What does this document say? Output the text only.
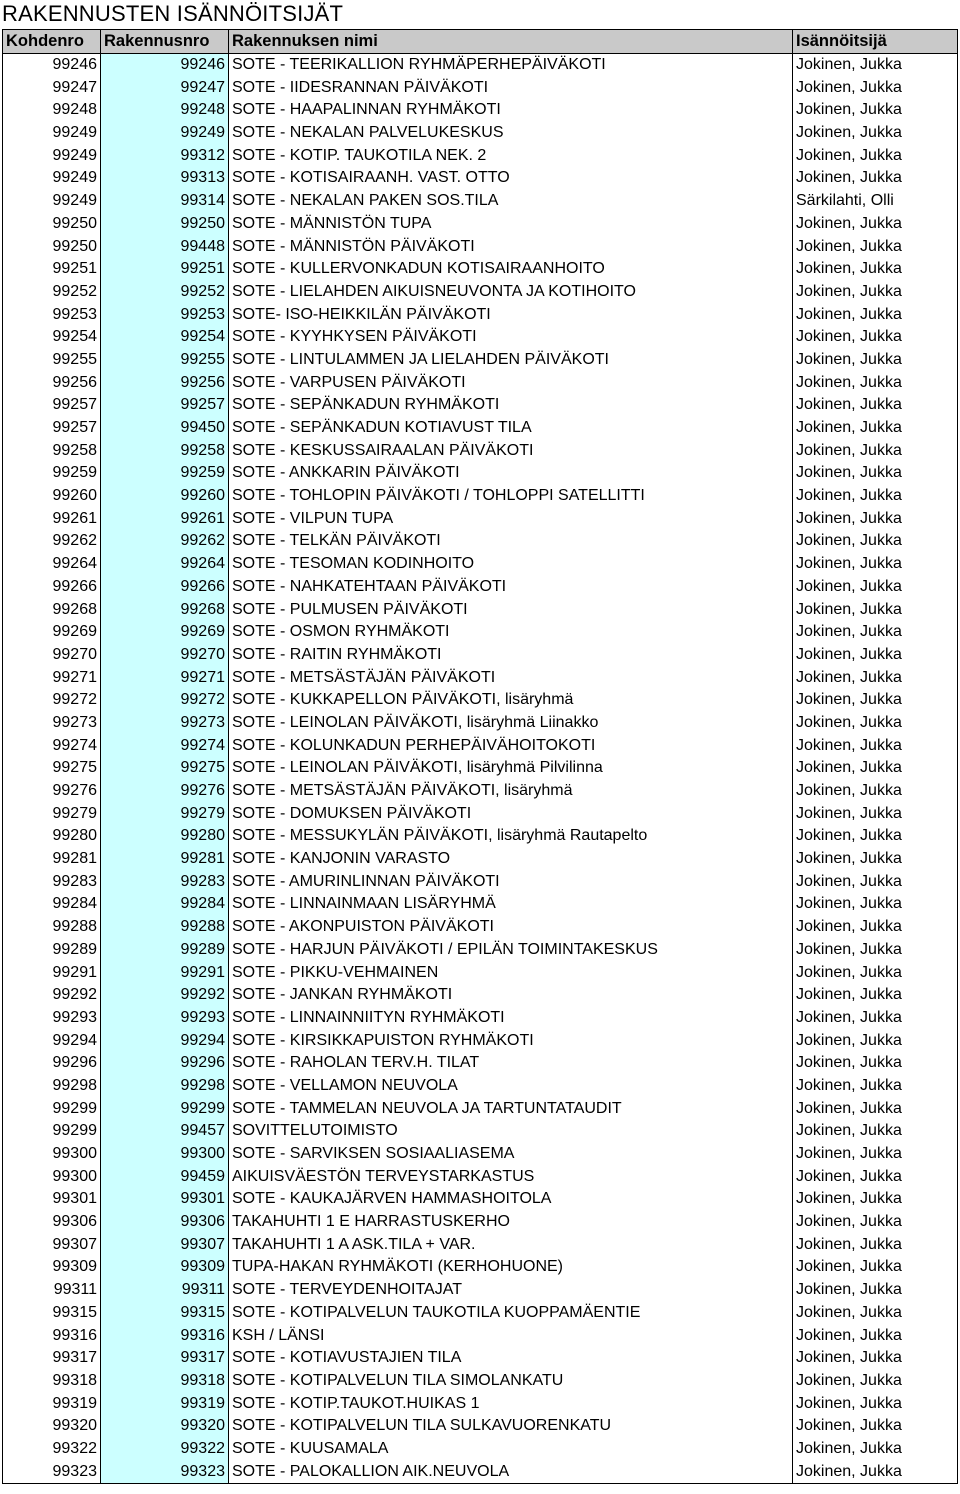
RAKENNUSTEN ISÄNNÖITSIJÄT
Kohdenro	Rakennusnro	Rakennuksen nimi	Isännöitsijä
99246	99246	SOTE - TEERIKALLION RYHMÄPERHEPÄIVÄKOTI	Jokinen, Jukka
99247	99247	SOTE - IIDESRANNAN PÄIVÄKOTI	Jokinen, Jukka
99248	99248	SOTE - HAAPALINNAN RYHMÄKOTI	Jokinen, Jukka
99249	99249	SOTE - NEKALAN PALVELUKESKUS	Jokinen, Jukka
99249	99312	SOTE - KOTIP. TAUKOTILA NEK. 2	Jokinen, Jukka
99249	99313	SOTE - KOTISAIRAANH. VAST. OTTO	Jokinen, Jukka
99249	99314	SOTE - NEKALAN PAKEN SOS.TILA	Särkilahti, Olli
99250	99250	SOTE - MÄNNISTÖN TUPA	Jokinen, Jukka
99250	99448	SOTE - MÄNNISTÖN PÄIVÄKOTI	Jokinen, Jukka
99251	99251	SOTE - KULLERVONKADUN KOTISAIRAANHOITO	Jokinen, Jukka
99252	99252	SOTE - LIELAHDEN AIKUISNEUVONTA JA KOTIHOITO	Jokinen, Jukka
99253	99253	SOTE- ISO-HEIKKILÄN PÄIVÄKOTI	Jokinen, Jukka
99254	99254	SOTE - KYYHKYSEN PÄIVÄKOTI	Jokinen, Jukka
99255	99255	SOTE - LINTULAMMEN JA LIELAHDEN PÄIVÄKOTI	Jokinen, Jukka
99256	99256	SOTE - VARPUSEN PÄIVÄKOTI	Jokinen, Jukka
99257	99257	SOTE - SEPÄNKADUN RYHMÄKOTI	Jokinen, Jukka
99257	99450	SOTE - SEPÄNKADUN KOTIAVUST TILA	Jokinen, Jukka
99258	99258	SOTE - KESKUSSAIRAALAN PÄIVÄKOTI	Jokinen, Jukka
99259	99259	SOTE - ANKKARIN PÄIVÄKOTI	Jokinen, Jukka
99260	99260	SOTE - TOHLOPIN PÄIVÄKOTI / TOHLOPPI SATELLITTI	Jokinen, Jukka
99261	99261	SOTE - VILPUN TUPA	Jokinen, Jukka
99262	99262	SOTE - TELKÄN PÄIVÄKOTI	Jokinen, Jukka
99264	99264	SOTE - TESOMAN KODINHOITO	Jokinen, Jukka
99266	99266	SOTE - NAHKATEHTAAN PÄIVÄKOTI	Jokinen, Jukka
99268	99268	SOTE - PULMUSEN PÄIVÄKOTI	Jokinen, Jukka
99269	99269	SOTE - OSMON RYHMÄKOTI	Jokinen, Jukka
99270	99270	SOTE - RAITIN RYHMÄKOTI	Jokinen, Jukka
99271	99271	SOTE - METSÄSTÄJÄN PÄIVÄKOTI	Jokinen, Jukka
99272	99272	SOTE - KUKKAPELLON PÄIVÄKOTI, lisäryhmä	Jokinen, Jukka
99273	99273	SOTE - LEINOLAN PÄIVÄKOTI, lisäryhmä Liinakko	Jokinen, Jukka
99274	99274	SOTE - KOLUNKADUN PERHEPÄIVÄHOITOKOTI	Jokinen, Jukka
99275	99275	SOTE - LEINOLAN PÄIVÄKOTI, lisäryhmä Pilvilinna	Jokinen, Jukka
99276	99276	SOTE - METSÄSTÄJÄN PÄIVÄKOTI, lisäryhmä	Jokinen, Jukka
99279	99279	SOTE - DOMUKSEN PÄIVÄKOTI	Jokinen, Jukka
99280	99280	SOTE - MESSUKYLÄN PÄIVÄKOTI, lisäryhmä Rautapelto	Jokinen, Jukka
99281	99281	SOTE - KANJONIN VARASTO	Jokinen, Jukka
99283	99283	SOTE - AMURINLINNAN PÄIVÄKOTI	Jokinen, Jukka
99284	99284	SOTE - LINNAINMAAN LISÄRYHMÄ	Jokinen, Jukka
99288	99288	SOTE - AKONPUISTON PÄIVÄKOTI	Jokinen, Jukka
99289	99289	SOTE - HARJUN PÄIVÄKOTI / EPILÄN TOIMINTAKESKUS	Jokinen, Jukka
99291	99291	SOTE - PIKKU-VEHMAINEN	Jokinen, Jukka
99292	99292	SOTE - JANKAN RYHMÄKOTI	Jokinen, Jukka
99293	99293	SOTE - LINNAINNIITYN RYHMÄKOTI	Jokinen, Jukka
99294	99294	SOTE - KIRSIKKAPUISTON RYHMÄKOTI	Jokinen, Jukka
99296	99296	SOTE - RAHOLAN TERV.H. TILAT	Jokinen, Jukka
99298	99298	SOTE - VELLAMON NEUVOLA	Jokinen, Jukka
99299	99299	SOTE - TAMMELAN NEUVOLA JA TARTUNTATAUDIT	Jokinen, Jukka
99299	99457	SOVITTELUTOIMISTO	Jokinen, Jukka
99300	99300	SOTE - SARVIKSEN SOSIAALIASEMA	Jokinen, Jukka
99300	99459	AIKUISVÄESTÖN TERVEYSTARKASTUS	Jokinen, Jukka
99301	99301	SOTE - KAUKAJÄRVEN HAMMASHOITOLA	Jokinen, Jukka
99306	99306	TAKAHUHTI 1 E HARRASTUSKERHO	Jokinen, Jukka
99307	99307	TAKAHUHTI 1 A ASK.TILA + VAR.	Jokinen, Jukka
99309	99309	TUPA-HAKAN RYHMÄKOTI (KERHOHUONE)	Jokinen, Jukka
99311	99311	SOTE - TERVEYDENHOITAJAT	Jokinen, Jukka
99315	99315	SOTE - KOTIPALVELUN TAUKOTILA KUOPPAMÄENTIE	Jokinen, Jukka
99316	99316	KSH / LÄNSI	Jokinen, Jukka
99317	99317	SOTE - KOTIAVUSTAJIEN TILA	Jokinen, Jukka
99318	99318	SOTE - KOTIPALVELUN TILA SIMOLANKATU	Jokinen, Jukka
99319	99319	SOTE - KOTIP.TAUKOT.HUIKAS 1	Jokinen, Jukka
99320	99320	SOTE - KOTIPALVELUN TILA SULKAVUORENKATU	Jokinen, Jukka
99322	99322	SOTE - KUUSAMALA	Jokinen, Jukka
99323	99323	SOTE - PALOKALLION AIK.NEUVOLA	Jokinen, Jukka
